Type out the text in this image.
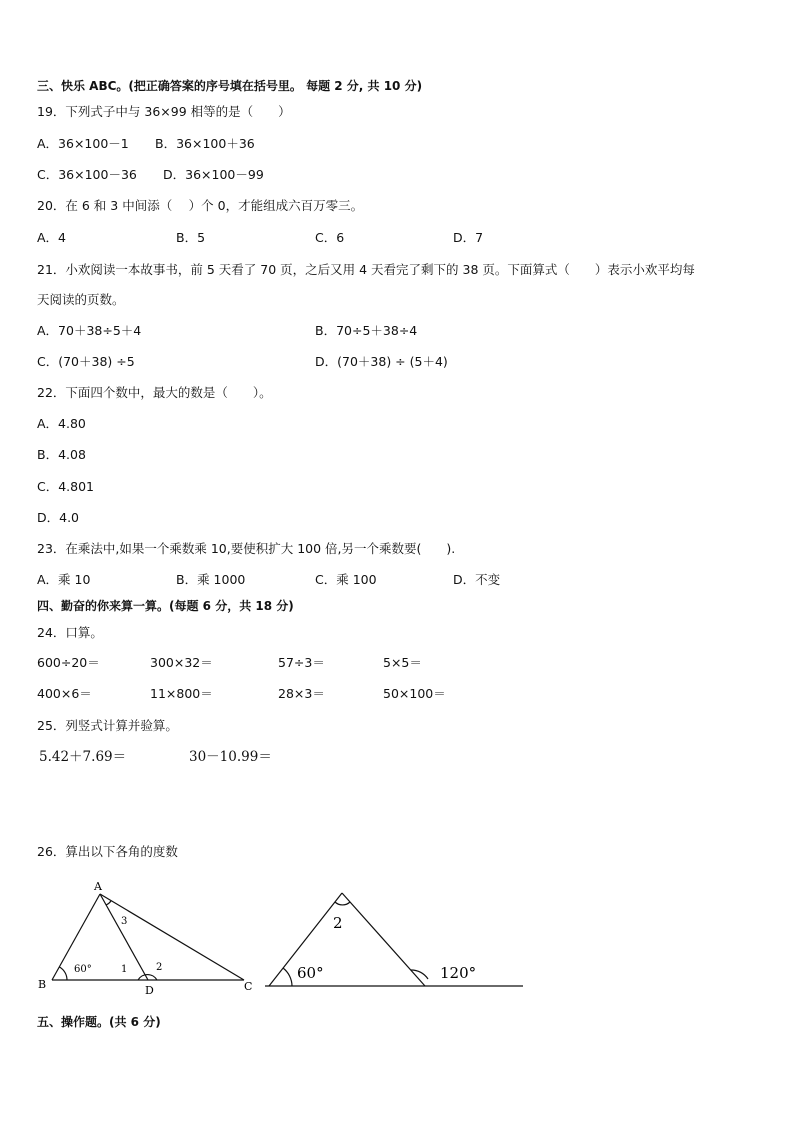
三、快乐 ABC。(把正确答案的序号填在括号里。 每题 2 分, 共 10 分)
19．下列式子中与 36×99 相等的是（　　）
A．36×100－1 B．36×100＋36
C．36×100－36 D．36×100－99
20．在 6 和 3 中间添（　 ）个 0，才能组成六百万零三。
A．4	B．5	C．6	D．7
21．小欢阅读一本故事书，前 5 天看了 70 页，之后又用 4 天看完了剩下的 38 页。下面算式（　　）表示小欢平均每
天阅读的页数。
A．70＋38÷5＋4	B．70÷5＋38÷4
C．(70＋38) ÷5	D．(70＋38) ÷ (5＋4)
22．下面四个数中，最大的数是（　　）。
A．4.80
B．4.08
C．4.801
D．4.0
23．在乘法中,如果一个乘数乘 10,要使积扩大 100 倍,另一个乘数要(　　).
A．乘 10	B．乘 1000	C．乘 100	D．不变
四、勤奋的你来算一算。(每题 6 分，共 18 分)
24．口算。
600÷20＝	300×32＝	57÷3＝	5×5＝
400×6＝	11×800＝	28×3＝	50×100＝
25．列竖式计算并验算。
5.42＋7.69＝	30－10.99＝
26．算出以下各角的度数
A
B	C
D
60°	1	2
3
60°
2
120°
五、操作题。(共 6 分)
